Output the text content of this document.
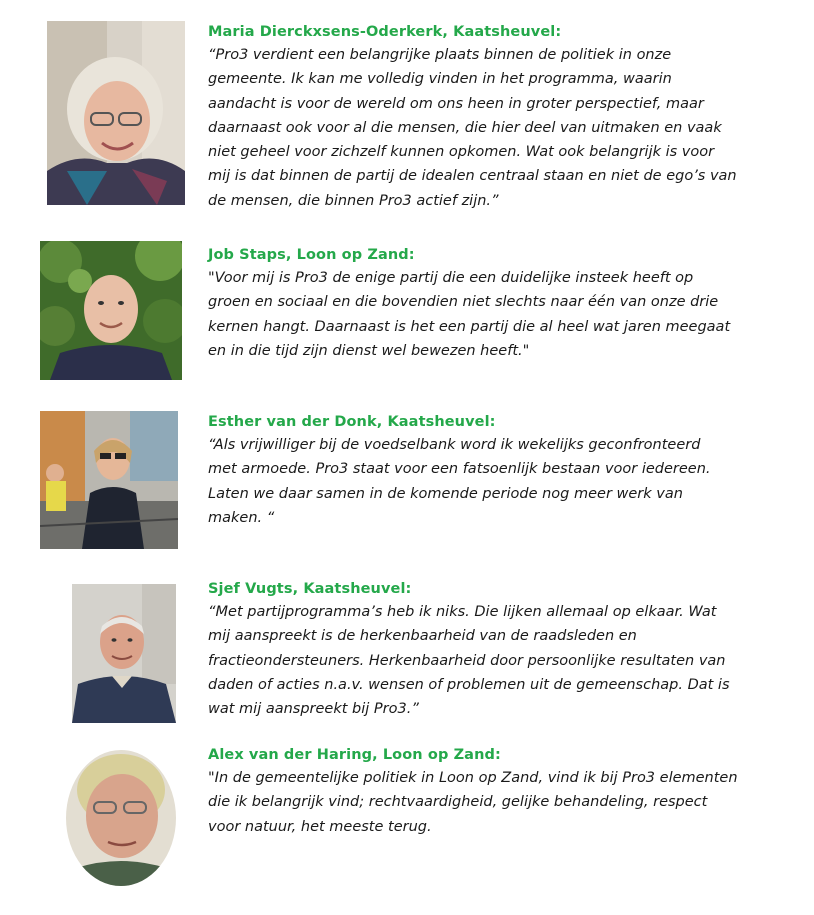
Maria Dierckxsens-Oderkerk, Kaatsheuvel:

“Pro3 verdient een belangrijke plaats binnen de politiek in onze
gemeente. Ik kan me volledig vinden in het programma, waarin
aandacht is voor de wereld om ons heen in groter perspectief, maar
daarnaast ook voor al die mensen, die hier deel van uitmaken en vaak
niet geheel voor zichzelf kunnen opkomen. Wat ook belangrijk is voor
mij is dat binnen de partij de idealen centraal staan en niet de ego’s van
de mensen, die binnen Pro3 actief zijn.”

Job Staps, Loon op Zand:

"Voor mij is Pro3 de enige partij die een duidelijke insteek heeft op
groen en sociaal en die bovendien niet slechts naar één van onze drie
kernen hangt. Daarnaast is het een partij die al heel wat jaren meegaat
en in die tijd zijn dienst wel bewezen heeft."

Esther van der Donk, Kaatsheuvel:

“Als vrijwilliger bij de voedselbank word ik wekelijks geconfronteerd
met armoede. Pro3 staat voor een fatsoenlijk bestaan voor iedereen.
Laten we daar samen in de komende periode nog meer werk van
maken. “

Sjef Vugts, Kaatsheuvel:

“Met partijprogramma’s heb ik niks. Die lijken allemaal op elkaar. Wat
mij aanspreekt is de herkenbaarheid van de raadsleden en
fractieondersteuners. Herkenbaarheid door persoonlijke resultaten van
daden of acties n.a.v. wensen of problemen uit de gemeenschap. Dat is
wat mij aanspreekt bij Pro3.”

Alex van der Haring, Loon op Zand:

"In de gemeentelijke politiek in Loon op Zand, vind ik bij Pro3 elementen
die ik belangrijk vind; rechtvaardigheid, gelijke behandeling, respect
voor natuur, het meeste terug.
